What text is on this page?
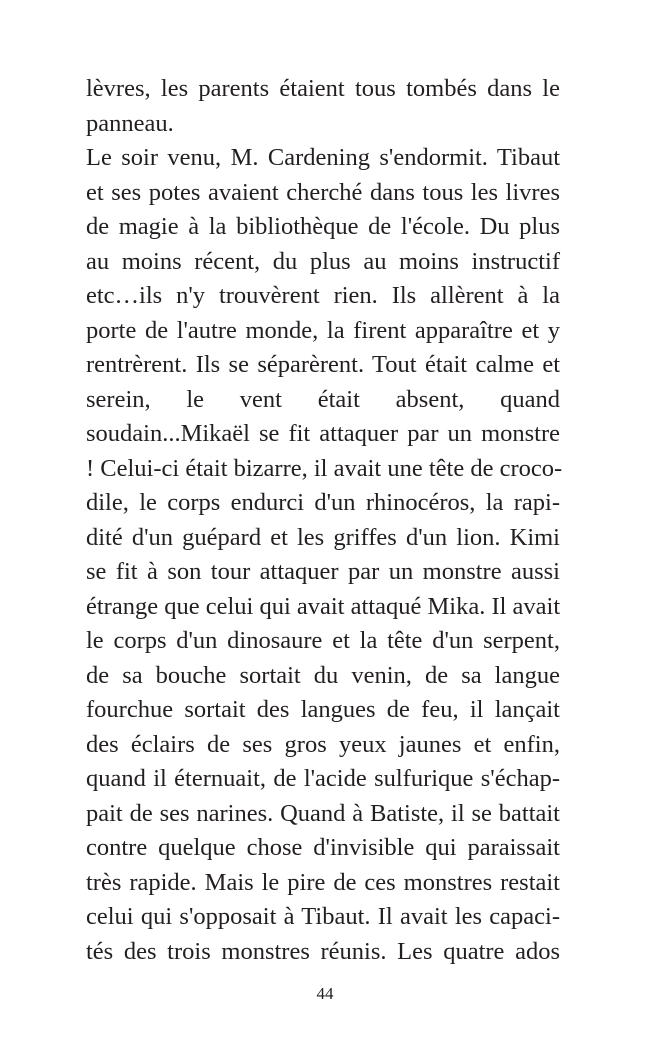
lèvres, les parents étaient tous tombés dans le
panneau.
Le soir venu, M. Cardening s'endormit. Tibaut
et ses potes avaient cherché dans tous les livres
de magie à la bibliothèque de l'école. Du plus
au moins récent, du plus au moins instructif
etc…ils n'y trouvèrent rien. Ils allèrent à la
porte de l'autre monde, la firent apparaître et y
rentrèrent. Ils se séparèrent. Tout était calme et
serein, le vent était absent, quand
soudain...Mikaël se fit attaquer par un monstre
! Celui-ci était bizarre, il avait une tête de croco-
dile, le corps endurci d'un rhinocéros, la rapi-
dité d'un guépard et les griffes d'un lion. Kimi
se fit à son tour attaquer par un monstre aussi
étrange que celui qui avait attaqué Mika. Il avait
le corps d'un dinosaure et la tête d'un serpent,
de sa bouche sortait du venin, de sa langue
fourchue sortait des langues de feu, il lançait
des éclairs de ses gros yeux jaunes et enfin,
quand il éternuait, de l'acide sulfurique s'échap-
pait de ses narines. Quand à Batiste, il se battait
contre quelque chose d'invisible qui paraissait
très rapide. Mais le pire de ces monstres restait
celui qui s'opposait à Tibaut. Il avait les capaci-
tés des trois monstres réunis. Les quatre ados
44
